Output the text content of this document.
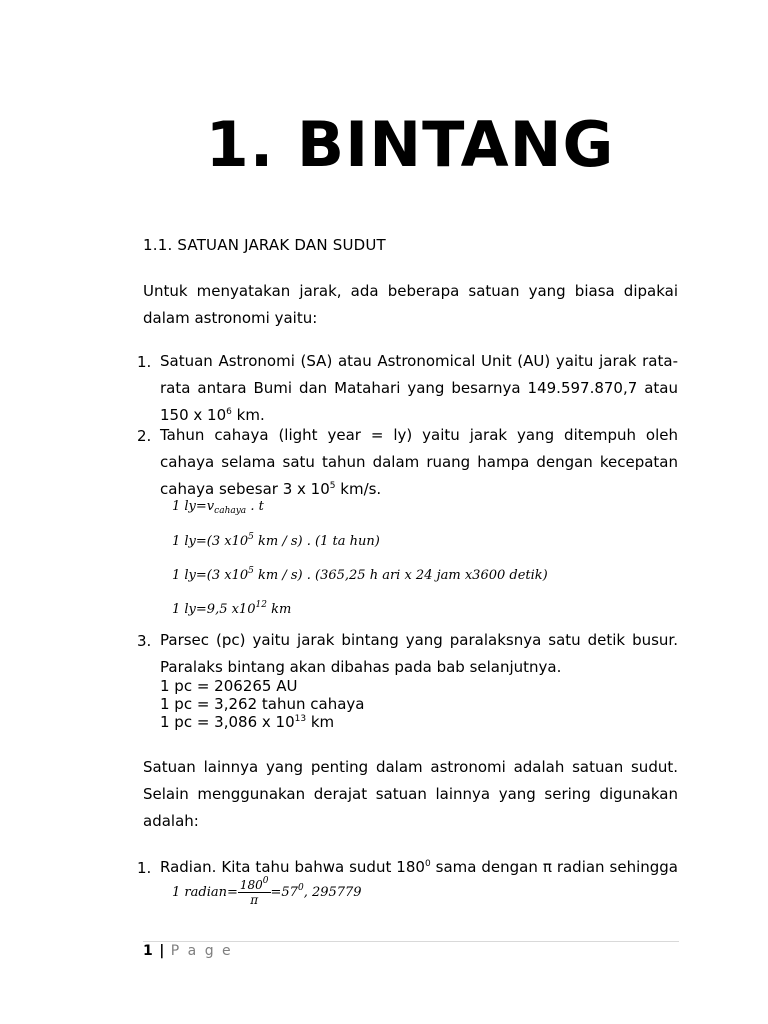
1. BINTANG
1.1. SATUAN JARAK DAN SUDUT
Untuk menyatakan jarak, ada beberapa satuan yang biasa dipakai
dalam astronomi yaitu:
1. Satuan Astronomi (SA) atau Astronomical Unit (AU) yaitu jarak rata-
rata antara Bumi dan Matahari yang besarnya 149.597.870,7 atau
150 x $10^6$ km.
2. Tahun cahaya (light year = ly) yaitu jarak yang ditempuh oleh
cahaya selama satu tahun dalam ruang hampa dengan kecepatan
cahaya sebesar 3 x $10^5$ km/s.
1 $ly=v_{cahaya}$ . t
1 ly=(3 $x10^5$ km / s) . (1 ta hun)
1 ly=(3 $x10^5$ km / s) . (365,25 h ari x 24 jam x3600 detik)
1 ly=9,5 $x10^{12}$ km
3. Parsec (pc) yaitu jarak bintang yang paralaksnya satu detik busur.
Paralaks bintang akan dibahas pada bab selanjutnya.
1 pc = 206265 AU
1 pc = 3,262 tahun cahaya
1 pc = 3,086 x $10^{13}$ km
Satuan lainnya yang penting dalam astronomi adalah satuan sudut.
Selain menggunakan derajat satuan lainnya yang sering digunakan
adalah:
1. Radian. Kita tahu bahwa sudut $180^0$ sama dengan π radian sehingga
1 radian= $\frac{180^0}{\pi} =57^0$, 295779
1 | P a g e
